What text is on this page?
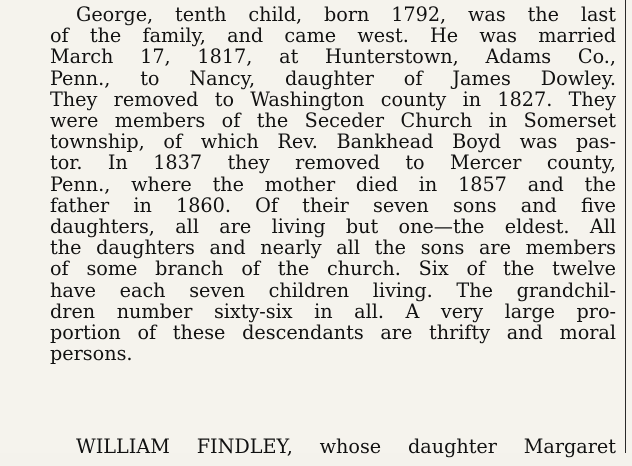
George, tenth child, born 1792, was the last
of the family, and came west. He was married
March 17, 1817, at Hunterstown, Adams Co.,
Penn., to Nancy, daughter of James Dowley.
They removed to Washington county in 1827. They
were members of the Seceder Church in Somerset
township, of which Rev. Bankhead Boyd was pas-
tor. In 1837 they removed to Mercer county,
Penn., where the mother died in 1857 and the
father in 1860. Of their seven sons and five
daughters, all are living but one—the eldest. All
the daughters and nearly all the sons are members
of some branch of the church. Six of the twelve
have each seven children living. The grandchil-
dren number sixty-six in all. A very large pro-
portion of these descendants are thrifty and moral
persons.
WILLIAM FINDLEY, whose daughter Margaret
